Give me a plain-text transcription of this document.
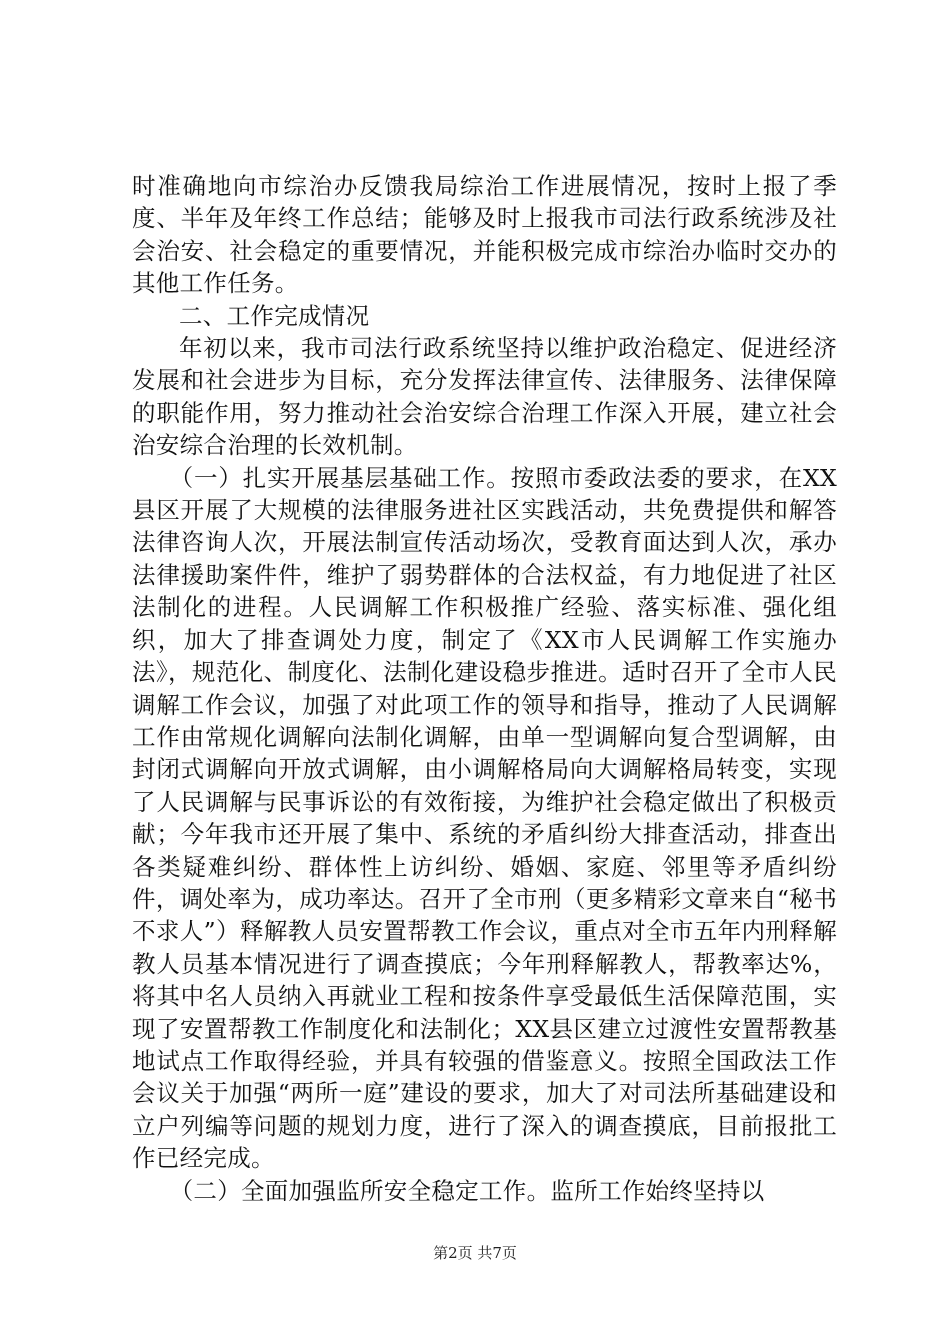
时准确地向市综治办反馈我局综治工作进展情况，按时上报了季度、半年及年终工作总结；能够及时上报我市司法行政系统涉及社会治安、社会稳定的重要情况，并能积极完成市综治办临时交办的其他工作任务。

二、工作完成情况

年初以来，我市司法行政系统坚持以维护政治稳定、促进经济发展和社会进步为目标，充分发挥法律宣传、法律服务、法律保障的职能作用，努力推动社会治安综合治理工作深入开展，建立社会治安综合治理的长效机制。

（一）扎实开展基层基础工作。按照市委政法委的要求，在XX县区开展了大规模的法律服务进社区实践活动，共免费提供和解答法律咨询人次，开展法制宣传活动场次，受教育面达到人次，承办法律援助案件件，维护了弱势群体的合法权益，有力地促进了社区法制化的进程。人民调解工作积极推广经验、落实标准、强化组织，加大了排查调处力度，制定了《XX市人民调解工作实施办法》，规范化、制度化、法制化建设稳步推进。适时召开了全市人民调解工作会议，加强了对此项工作的领导和指导，推动了人民调解工作由常规化调解向法制化调解，由单一型调解向复合型调解，由封闭式调解向开放式调解，由小调解格局向大调解格局转变，实现了人民调解与民事诉讼的有效衔接，为维护社会稳定做出了积极贡献；今年我市还开展了集中、系统的矛盾纠纷大排查活动，排查出各类疑难纠纷、群体性上访纠纷、婚姻、家庭、邻里等矛盾纠纷件，调处率为，成功率达。召开了全市刑（更多精彩文章来自“秘书不求人”）释解教人员安置帮教工作会议，重点对全市五年内刑释解教人员基本情况进行了调查摸底；今年刑释解教人，帮教率达%，将其中名人员纳入再就业工程和按条件享受最低生活保障范围，实现了安置帮教工作制度化和法制化；XX县区建立过渡性安置帮教基地试点工作取得经验，并具有较强的借鉴意义。按照全国政法工作会议关于加强“两所一庭”建设的要求，加大了对司法所基础建设和立户列编等问题的规划力度，进行了深入的调查摸底，目前报批工作已经完成。

（二）全面加强监所安全稳定工作。监所工作始终坚持以

第2页 共7页
